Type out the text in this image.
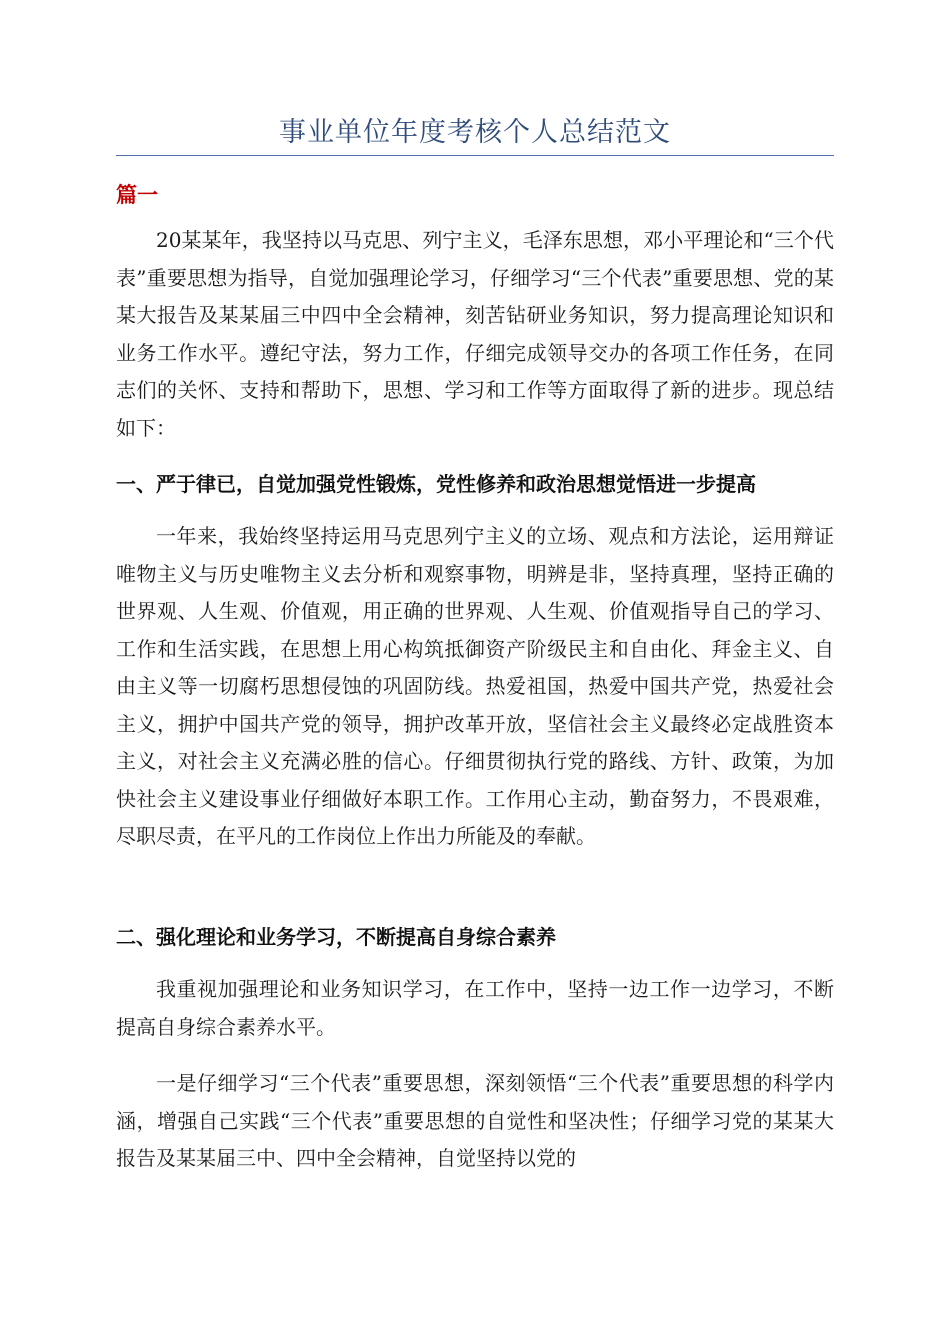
事业单位年度考核个人总结范文
篇一

20某某年，我坚持以马克思、列宁主义，毛泽东思想，邓小平理论和“三个代表”重要思想为指导，自觉加强理论学习，仔细学习“三个代表”重要思想、党的某某大报告及某某届三中四中全会精神，刻苦钻研业务知识，努力提高理论知识和业务工作水平。遵纪守法，努力工作，仔细完成领导交办的各项工作任务，在同志们的关怀、支持和帮助下，思想、学习和工作等方面取得了新的进步。现总结如下：

一、严于律已，自觉加强党性锻炼，党性修养和政治思想觉悟进一步提高

一年来，我始终坚持运用马克思列宁主义的立场、观点和方法论，运用辩证唯物主义与历史唯物主义去分析和观察事物，明辨是非，坚持真理，坚持正确的世界观、人生观、价值观，用正确的世界观、人生观、价值观指导自己的学习、工作和生活实践，在思想上用心构筑抵御资产阶级民主和自由化、拜金主义、自由主义等一切腐朽思想侵蚀的巩固防线。热爱祖国，热爱中国共产党，热爱社会主义，拥护中国共产党的领导，拥护改革开放，坚信社会主义最终必定战胜资本主义，对社会主义充满必胜的信心。仔细贯彻执行党的路线、方针、政策，为加快社会主义建设事业仔细做好本职工作。工作用心主动，勤奋努力，不畏艰难，尽职尽责，在平凡的工作岗位上作出力所能及的奉献。

二、强化理论和业务学习，不断提高自身综合素养

我重视加强理论和业务知识学习，在工作中，坚持一边工作一边学习，不断提高自身综合素养水平。

一是仔细学习“三个代表”重要思想，深刻领悟“三个代表”重要思想的科学内涵，增强自己实践“三个代表”重要思想的自觉性和坚决性；仔细学习党的某某大报告及某某届三中、四中全会精神，自觉坚持以党的
